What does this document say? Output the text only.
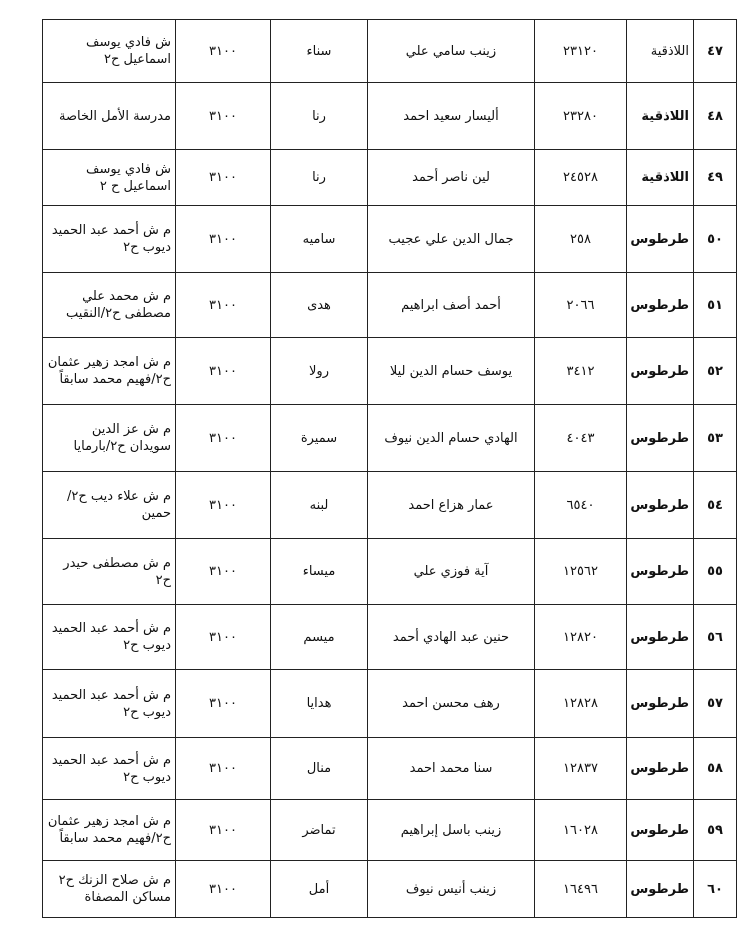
٤٧	اللاذقية	٢٣١٢٠	زينب سامي علي	سناء	٣١٠٠	ش فادي يوسف اسماعيل ح٢
٤٨	اللاذقية	٢٣٢٨٠	أليسار سعيد احمد	رنا	٣١٠٠	مدرسة الأمل الخاصة
٤٩	اللاذقية	٢٤٥٢٨	لين ناصر أحمد	رنا	٣١٠٠	ش فادي يوسف اسماعيل ح ٢
٥٠	طرطوس	٢٥٨	جمال الدين علي عجيب	ساميه	٣١٠٠	م ش أحمد عبد الحميد ديوب ح٢
٥١	طرطوس	٢٠٦٦	أحمد أصف ابراهيم	هدى	٣١٠٠	م ش محمد علي مصطفى ح٢/النقيب
٥٢	طرطوس	٣٤١٢	يوسف حسام الدين ليلا	رولا	٣١٠٠	م ش امجد زهير عثمان ح٢/فهيم محمد سابقاً
٥٣	طرطوس	٤٠٤٣	الهادي حسام الدين نيوف	سميرة	٣١٠٠	م ش عز الدين سويدان ح٢/بارمايا
٥٤	طرطوس	٦٥٤٠	عمار هزاع احمد	لبنه	٣١٠٠	م ش علاء ديب ح٢/حمين
٥٥	طرطوس	١٢٥٦٢	آية فوزي علي	ميساء	٣١٠٠	م ش مصطفى حيدر ح٢
٥٦	طرطوس	١٢٨٢٠	حنين عبد الهادي أحمد	ميسم	٣١٠٠	م ش أحمد عبد الحميد ديوب ح٢
٥٧	طرطوس	١٢٨٢٨	رهف محسن احمد	هدايا	٣١٠٠	م ش أحمد عبد الحميد ديوب ح٢
٥٨	طرطوس	١٢٨٣٧	سنا محمد احمد	منال	٣١٠٠	م ش أحمد عبد الحميد ديوب ح٢
٥٩	طرطوس	١٦٠٢٨	زينب باسل إبراهيم	تماضر	٣١٠٠	م ش امجد زهير عثمان ح٢/فهيم محمد سابقاً
٦٠	طرطوس	١٦٤٩٦	زينب أنيس نيوف	أمل	٣١٠٠	م ش صلاح الزنك ح٢ مساكن المصفاة
